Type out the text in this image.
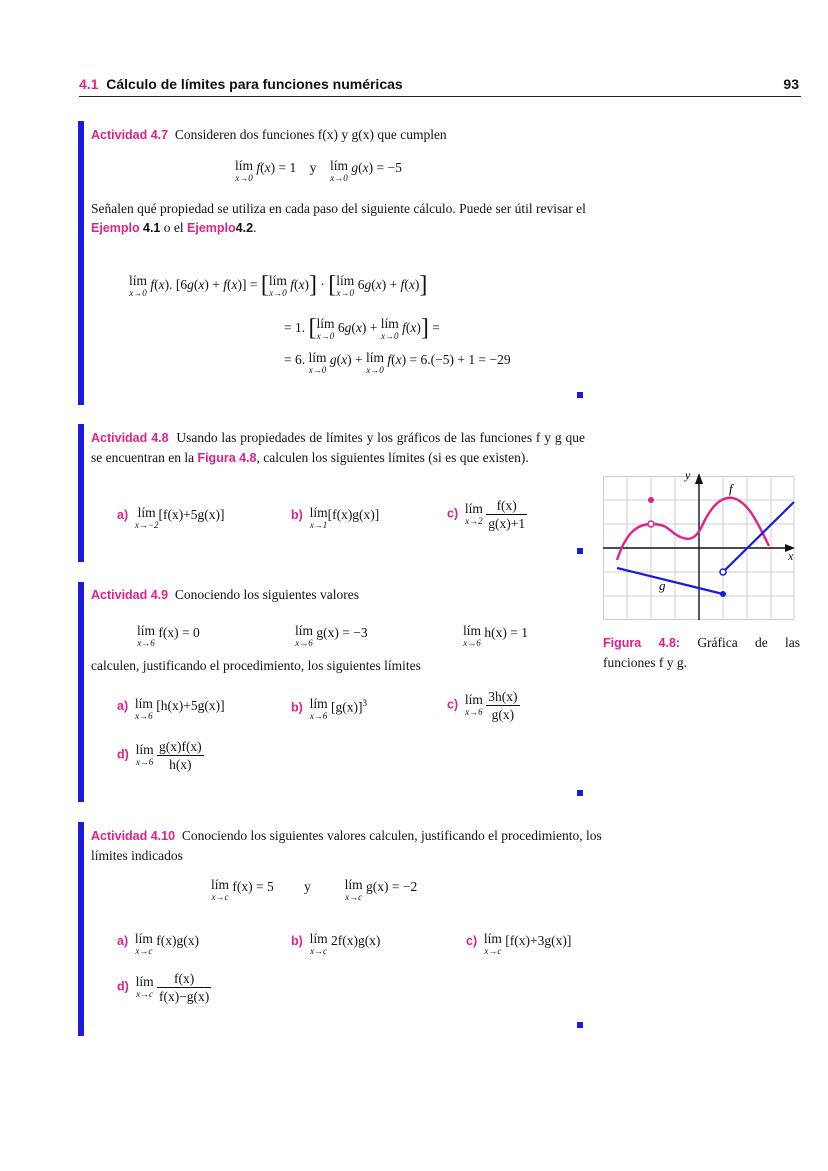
4.1 Cálculo de límites para funciones numéricas	93
Actividad 4.7 Consideren dos funciones f(x) y g(x) que cumplen
lím
x→0
f(x) = 1    y    lím
x→0
g(x) = −5
Señalen qué propiedad se utiliza en cada paso del siguiente cálculo. Puede ser útil revisar el Ejemplo 4.1 o el Ejemplo4.2.
lím
x→0
f(x). [6g(x) + f(x)] = [lím
x→0
f(x)] · [lím
x→0
6g(x) + f(x)]
= 1. [lím
x→0
6g(x) + lím
x→0
f(x)] =
= 6. lím
x→0
g(x) + lím
x→0
f(x) = 6.(−5) + 1 = −29
Actividad 4.8 Usando las propiedades de límites y los gráficos de las funciones f y g que se encuentran en la Figura 4.8, calculen los siguientes límites (si es que existen).
a) lím
x→−2
[f(x)+5g(x)]	b) lím
x→1
[f(x)g(x)]	c) lím
x→2
$\frac{f(x)}{g(x)+1}$
x
y
f
g
Figura 4.8: Gráfica de las funciones f y g.
Actividad 4.9 Conociendo los siguientes valores
lím
x→6
f(x) = 0	lím
x→6
g(x) = −3	lím
x→6
h(x) = 1
calculen, justificando el procedimiento, los siguientes límites
a) lím
x→6
[h(x)+5g(x)]	b) lím
x→6
$[g(x)]^3$	c) lím
x→6
$\frac{3h(x)}{g(x)}$
d) lím
x→6
$\frac{g(x)f(x)}{h(x)}$
Actividad 4.10 Conociendo los siguientes valores calculen, justificando el procedimiento, los límites indicados
lím
x→c
f(x) = 5 y	lím
x→c
g(x) = −2
a) lím
x→c
f(x)g(x)	b) lím
x→c
2f(x)g(x)	c) lím
x→c
[f(x)+3g(x)]
d) lím
x→c
$\frac{f(x)}{f(x)-g(x)}$
